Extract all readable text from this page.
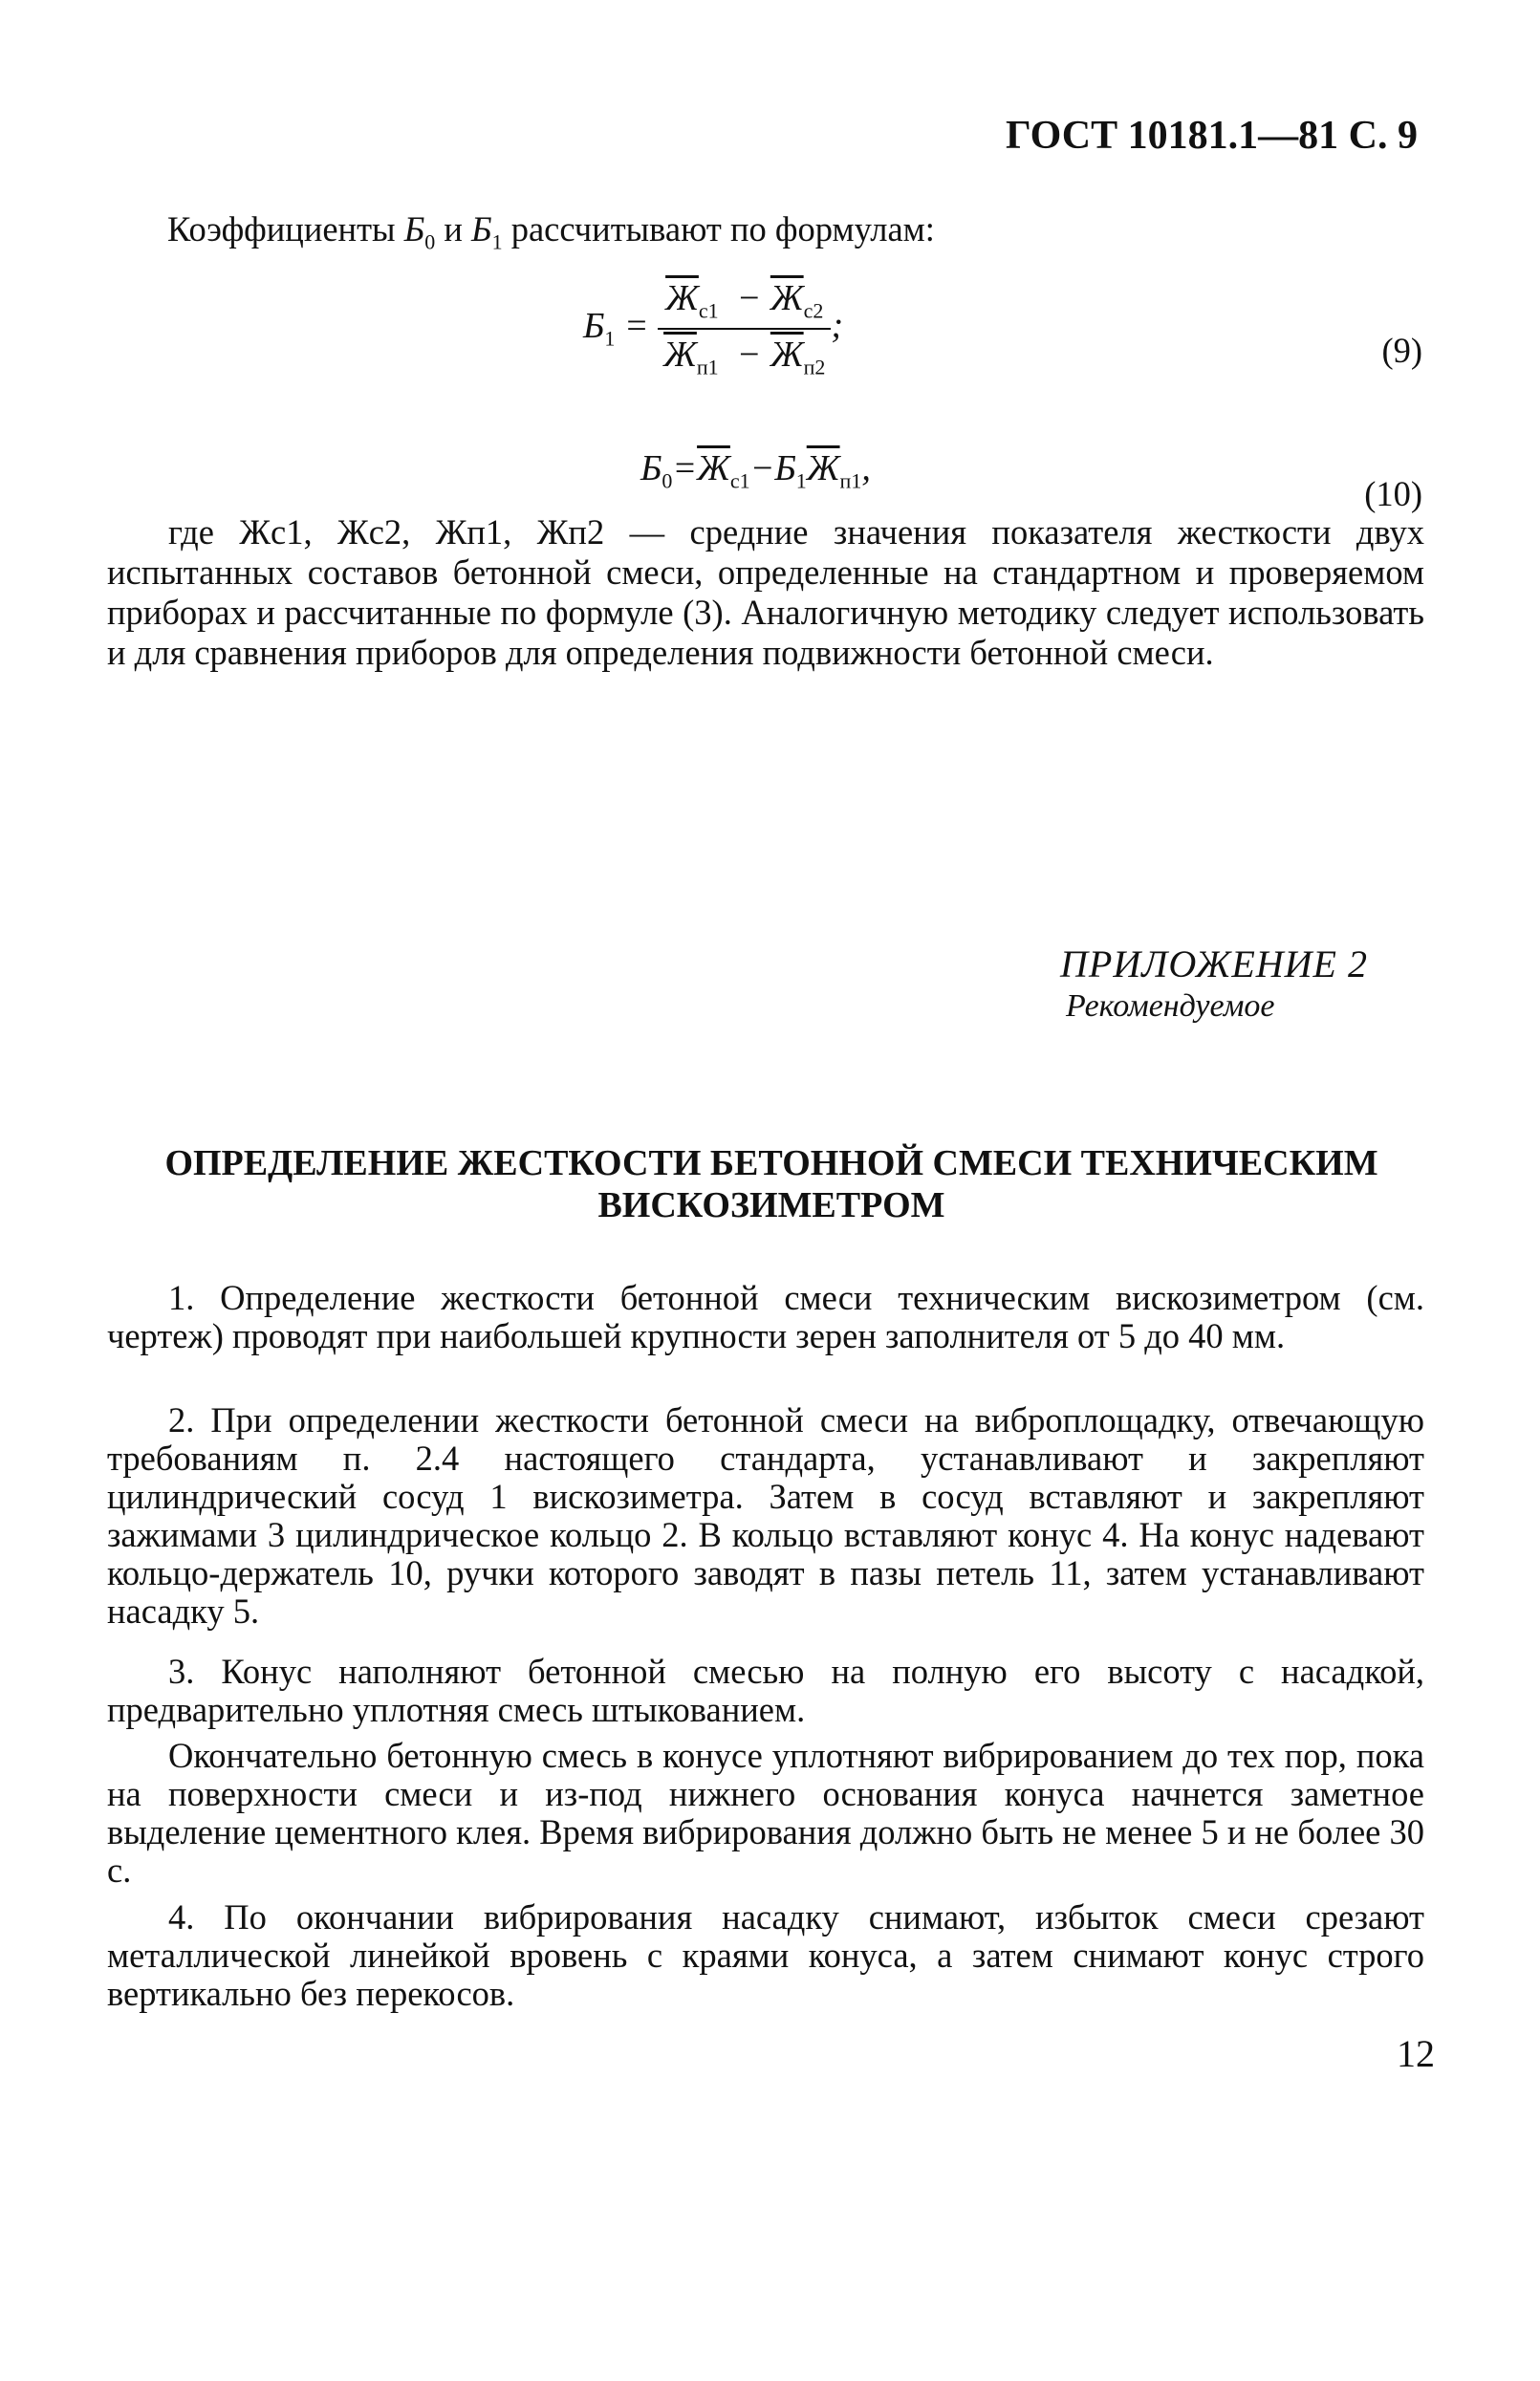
ГОСТ 10181.1—81 С. 9
Коэффициенты $Б_0$ и $Б_1$ рассчитывают по формулам:
$Б_1 = \frac{Ж_{c1} - Ж_{c2}}{Ж_{п1} - Ж_{п2}}$ ;
(9)
$Б_0=Ж_{c1}-Б_1Ж_{п1}$,
(10)
где Жc1, Жc2, Жп1, Жп2 — средние значения показателя жесткости двух испытанных составов бетонной смеси, определенные на стандартном и проверяемом приборах и рассчитанные по формуле (3). Аналогичную методику следует использовать и для сравнения приборов для определения подвижности бетонной смеси.
ПРИЛОЖЕНИЕ 2
Рекомендуемое
ОПРЕДЕЛЕНИЕ ЖЕСТКОСТИ БЕТОННОЙ СМЕСИ ТЕХНИЧЕСКИМ
ВИСКОЗИМЕТРОМ
1. Определение жесткости бетонной смеси техническим вискозиметром (см. чертеж) проводят при наибольшей крупности зерен заполнителя от 5 до 40 мм.
2. При определении жесткости бетонной смеси на виброплощадку, отвечающую требованиям п. 2.4 настоящего стандарта, устанавливают и закрепляют цилиндрический сосуд 1 вискозиметра. Затем в сосуд вставляют и закрепляют зажимами 3 цилиндрическое кольцо 2. В кольцо вставляют конус 4. На конус надевают кольцо-держатель 10, ручки которого заводят в пазы петель 11, затем устанавливают насадку 5.
3. Конус наполняют бетонной смесью на полную его высоту с насадкой, предварительно уплотняя смесь штыкованием.
Окончательно бетонную смесь в конусе уплотняют вибрированием до тех пор, пока на поверхности смеси и из-под нижнего основания конуса начнется заметное выделение цементного клея. Время вибрирования должно быть не менее 5 и не более 30 с.
4. По окончании вибрирования насадку снимают, избыток смеси срезают металлической линейкой вровень с краями конуса, а затем снимают конус строго вертикально без перекосов.
12
